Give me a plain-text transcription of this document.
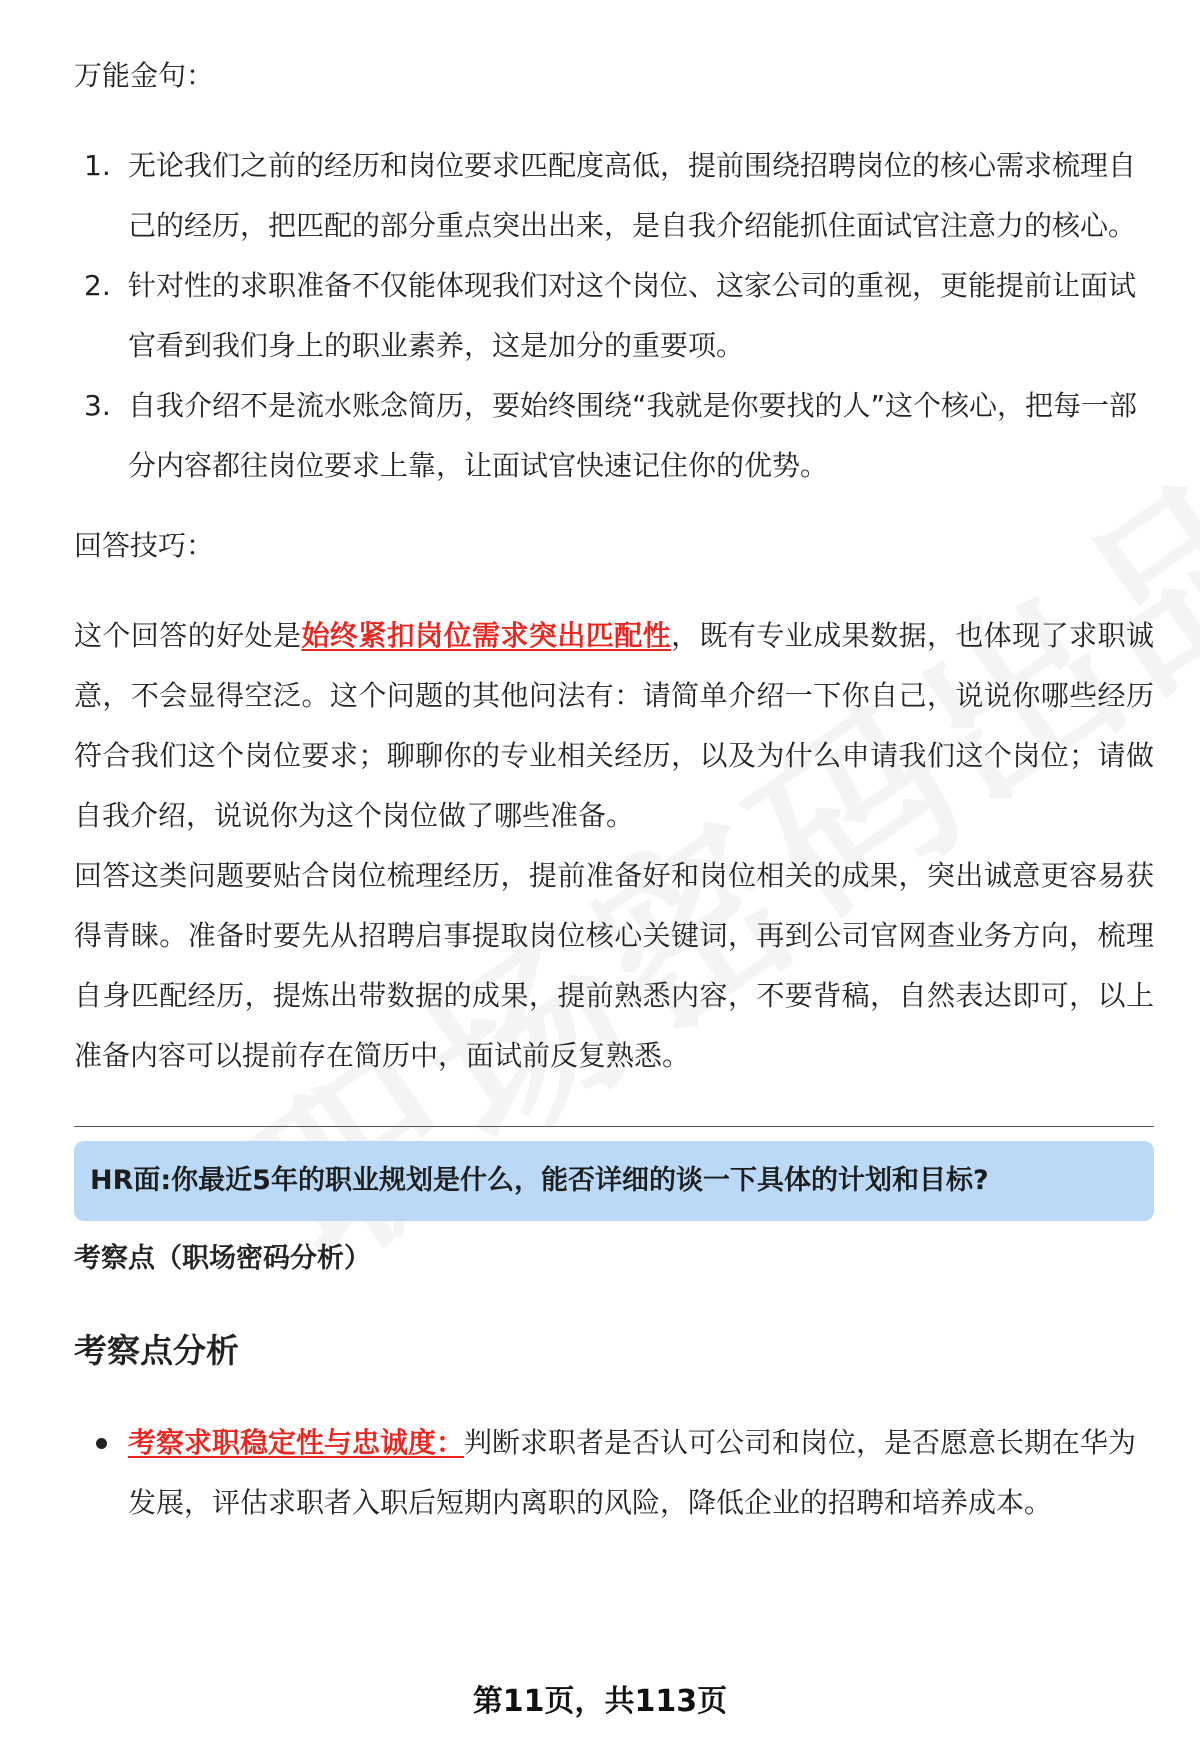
万能金句：
1. 无论我们之前的经历和岗位要求匹配度高低，提前围绕招聘岗位的核心需求梳理自己的经历，把匹配的部分重点突出出来，是自我介绍能抓住面试官注意力的核心。
2. 针对性的求职准备不仅能体现我们对这个岗位、这家公司的重视，更能提前让面试官看到我们身上的职业素养，这是加分的重要项。
3. 自我介绍不是流水账念简历，要始终围绕“我就是你要找的人”这个核心，把每一部分内容都往岗位要求上靠，让面试官快速记住你的优势。
回答技巧：

这个回答的好处是始终紧扣岗位需求突出匹配性，既有专业成果数据，也体现了求职诚意，不会显得空泛。这个问题的其他问法有：请简单介绍一下你自己，说说你哪些经历符合我们这个岗位要求；聊聊你的专业相关经历，以及为什么申请我们这个岗位；请做自我介绍，说说你为这个岗位做了哪些准备。

回答这类问题要贴合岗位梳理经历，提前准备好和岗位相关的成果，突出诚意更容易获得青睐。准备时要先从招聘启事提取岗位核心关键词，再到公司官网查业务方向，梳理自身匹配经历，提炼出带数据的成果，提前熟悉内容，不要背稿，自然表达即可，以上准备内容可以提前存在简历中，面试前反复熟悉。

HR面:你最近5年的职业规划是什么，能否详细的谈一下具体的计划和目标?
考察点（职场密码分析）
考察点分析
考察求职稳定性与忠诚度：判断求职者是否认可公司和岗位，是否愿意长期在华为发展，评估求职者入职后短期内离职的风险，降低企业的招聘和培养成本。
第11页，共113页
